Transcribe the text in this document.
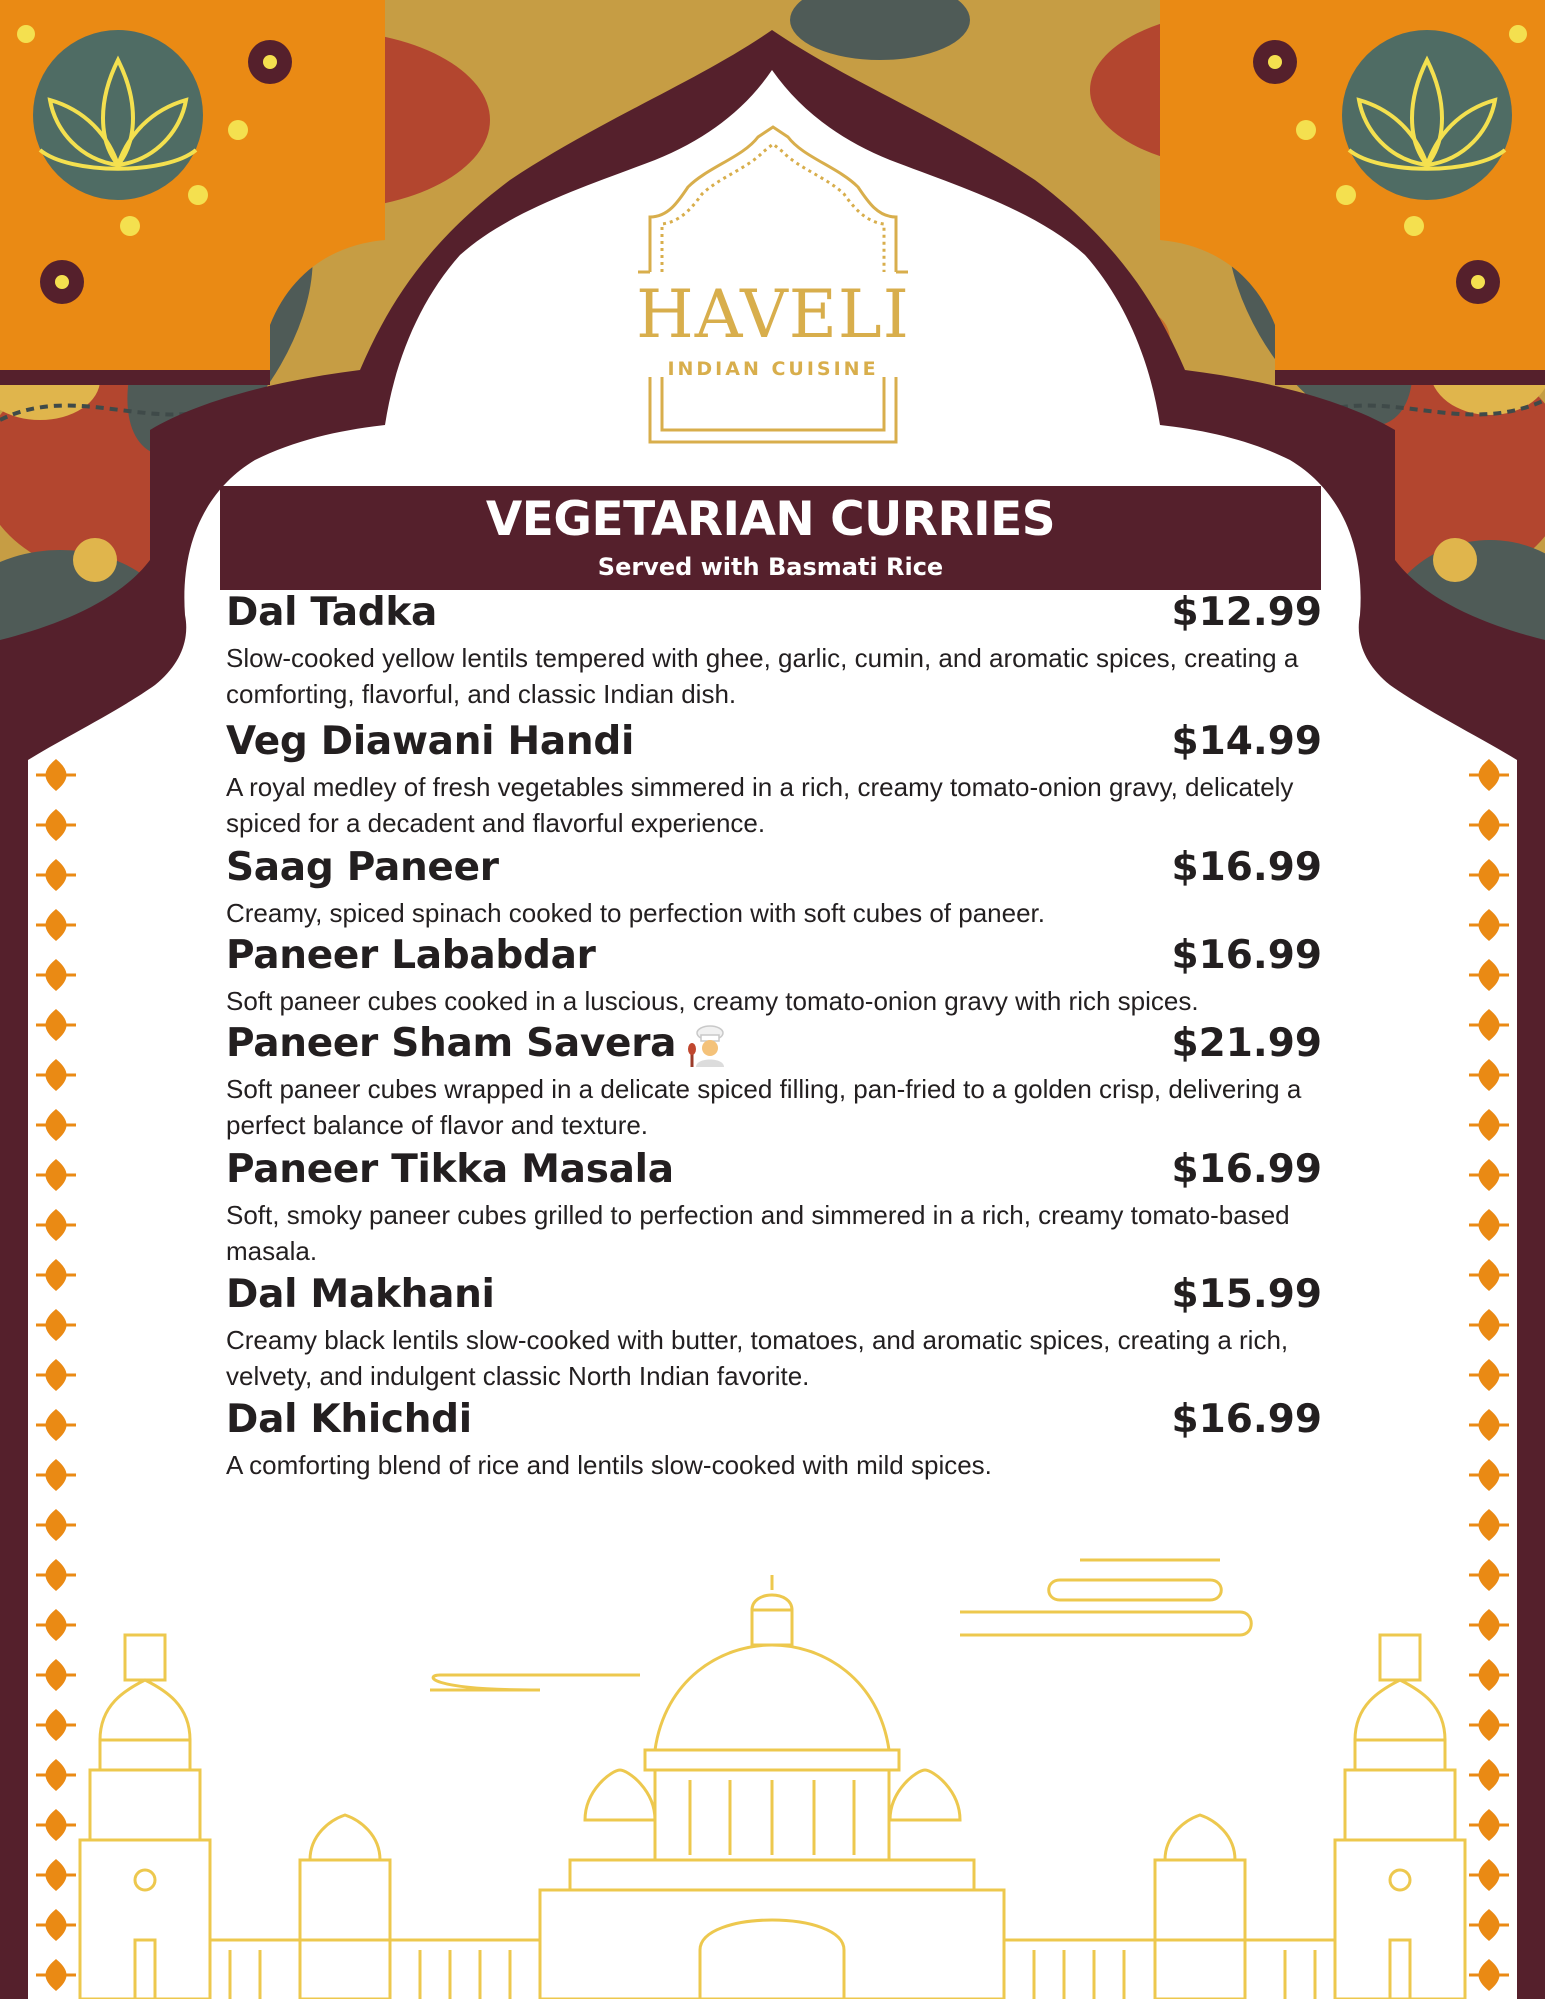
HAVELI
INDIAN CUISINE
VEGETARIAN CURRIES
Served with Basmati Rice
Dal Tadka	$12.99
Slow-cooked yellow lentils tempered with ghee, garlic, cumin, and aromatic spices, creating a comforting, flavorful, and classic Indian dish.
Veg Diawani Handi	$14.99
A royal medley of fresh vegetables simmered in a rich, creamy tomato-onion gravy, delicately spiced for a decadent and flavorful experience.
Saag Paneer	$16.99
Creamy, spiced spinach cooked to perfection with soft cubes of paneer.
Paneer Lababdar	$16.99
Soft paneer cubes cooked in a luscious, creamy tomato-onion gravy with rich spices.
Paneer Sham Savera	$21.99
Soft paneer cubes wrapped in a delicate spiced filling, pan-fried to a golden crisp, delivering a perfect balance of flavor and texture.
Paneer Tikka Masala	$16.99
Soft, smoky paneer cubes grilled to perfection and simmered in a rich, creamy tomato-based masala.
Dal Makhani	$15.99
Creamy black lentils slow-cooked with butter, tomatoes, and aromatic spices, creating a rich, velvety, and indulgent classic North Indian favorite.
Dal Khichdi	$16.99
A comforting blend of rice and lentils slow-cooked with mild spices.
